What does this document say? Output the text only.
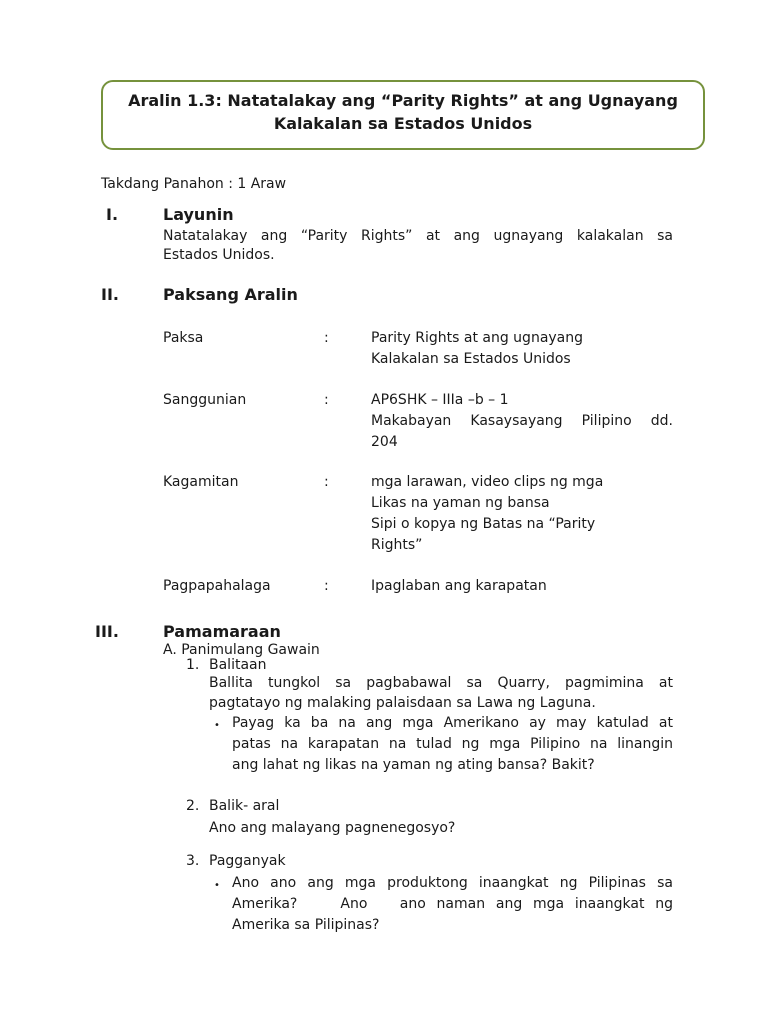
Aralin 1.3: Natatalakay ang “Parity Rights” at ang Ugnayang
Kalakalan sa Estados Unidos
Takdang Panahon : 1 Araw
I.	Layunin
Natatalakay ang “Parity Rights” at ang ugnayang kalakalan sa
Estados Unidos.
II.	Paksang Aralin
Paksa	:	Parity Rights at ang ugnayang
Kalakalan sa Estados Unidos
Sanggunian	:	AP6SHK – IIIa –b – 1
Makabayan Kasaysayang Pilipino dd.
204
Kagamitan	:	mga larawan, video clips ng mga
Likas na yaman ng bansa
Sipi o kopya ng Batas na “Parity
Rights”
Pagpapahalaga	:	Ipaglaban ang karapatan
III.	Pamamaraan
A. Panimulang Gawain
1. Balitaan
Ballita tungkol sa pagbabawal sa Quarry, pagmimina at
pagtatayo ng malaking palaisdaan sa Lawa ng Laguna.
• Payag ka ba na ang mga Amerikano ay may katulad at
patas na karapatan na tulad ng mga Pilipino na linangin
ang lahat ng likas na yaman ng ating bansa? Bakit?
2. Balik- aral
Ano ang malayang pagnenegosyo?
3. Pagganyak
• Ano ano ang mga produktong inaangkat ng Pilipinas sa
Amerika?    Ano   ano naman ang mga inaangkat ng
Amerika sa Pilipinas?
